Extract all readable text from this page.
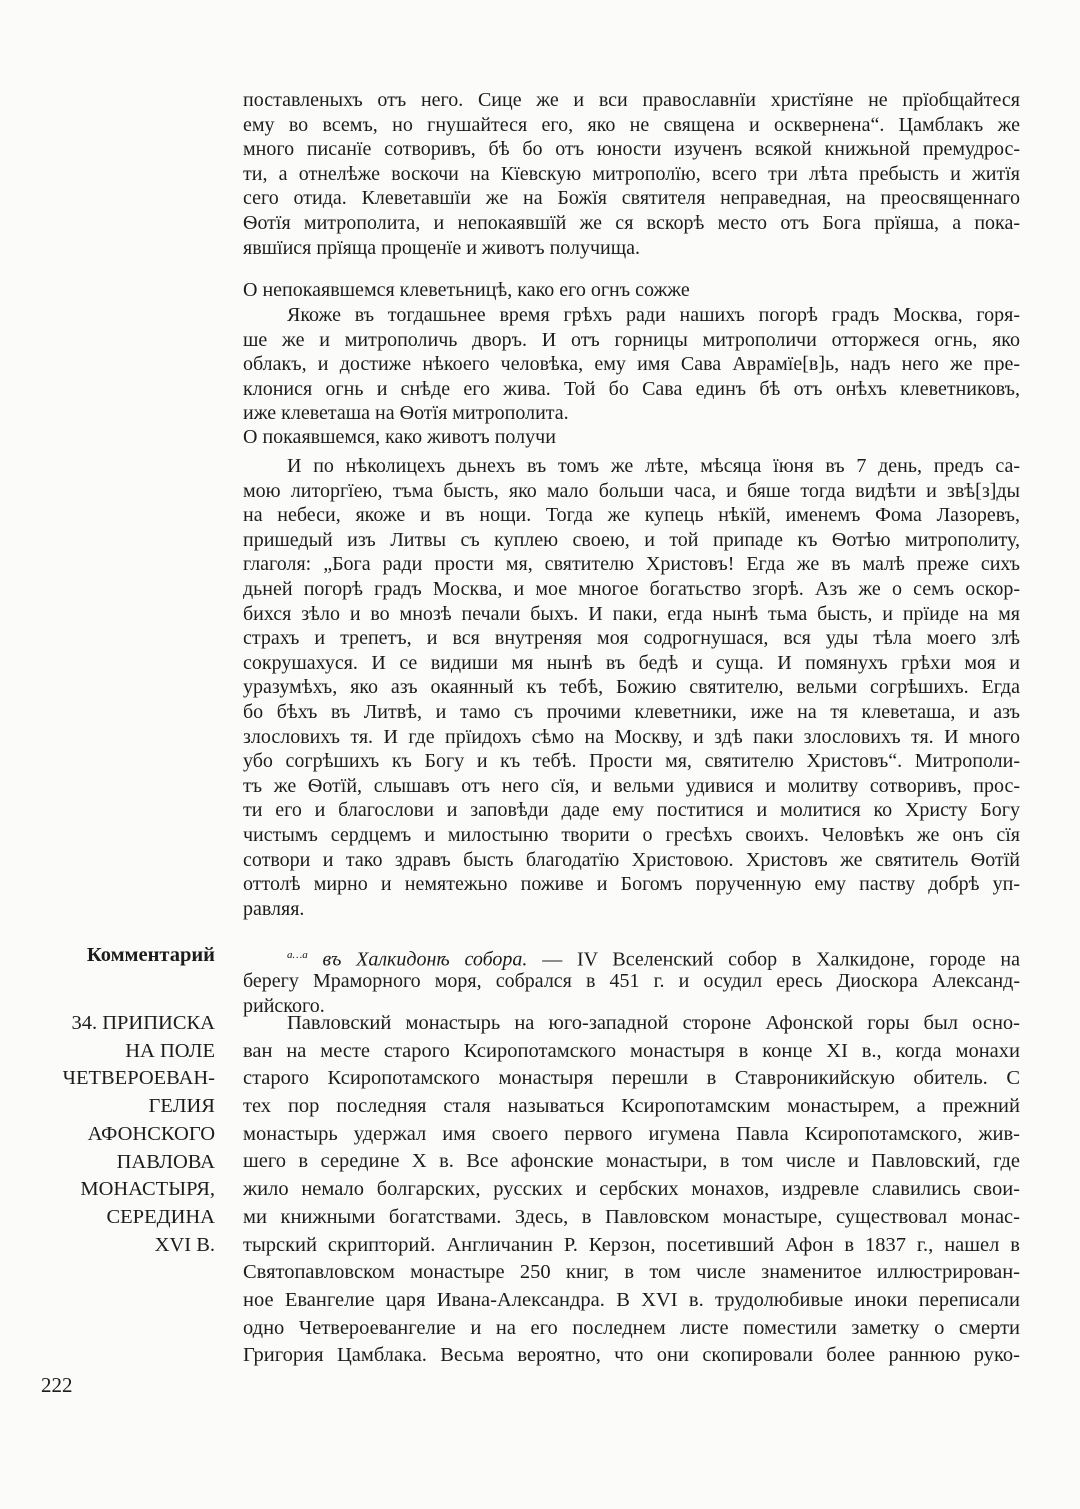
поставленыхъ отъ него. Сице же и вси православнїи христїяне не прїобщайтеся
ему во всемъ, но гнушайтеся его, яко не священа и осквернена“. Цамблакъ же
много писанїе сотворивъ, бѣ бо отъ юности изученъ всякой книжьной премудрос-
ти, а отнелѣже воскочи на Кїевскую митрополїю, всего три лѣта пребысть и житїя
сего отида. Клеветавшїи же на Божїя святителя неправедная, на преосвященнаго
Ѳотїя митрополита, и непокаявшїй же ся вскорѣ место отъ Бога прїяша, а пока-
явшїися прїяща прощенїе и животъ получища.
О непокаявшемся клеветьницѣ, како его огнъ сожже
Якоже въ тогдашьнее время грѣхъ ради нашихъ погорѣ градъ Москва, горя-
ше же и митрополичь дворъ. И отъ горницы митрополичи отторжеся огнь, яко
облакъ, и достиже нѣкоего человѣка, ему имя Сава Аврамїе[в]ь, надъ него же пре-
клонися огнь и снѣде его жива. Той бо Сава единъ бѣ отъ онѣхъ клеветниковъ,
иже клеветаша на Ѳотїя митрополита.
О покаявшемся, како животъ получи
И по нѣколицехъ дьнехъ въ томъ же лѣте, мѣсяца їюня въ 7 день, предъ са-
мою литоргїею, тъма бысть, яко мало больши часа, и бяше тогда видѣти и звѣ[з]ды
на небеси, якоже и въ нощи. Тогда же купець нѣкїй, именемъ Фома Лазоревъ,
пришедый изъ Литвы съ куплею своею, и той припаде къ Ѳотѣю митрополиту,
глаголя: „Бога ради прости мя, святителю Христовъ! Егда же въ малѣ преже сихъ
дьней погорѣ градъ Москва, и мое многое богатьство згорѣ. Азъ же о семъ оскор-
бихся зѣло и во мнозѣ печали быхъ. И паки, егда нынѣ тьма бысть, и прїиде на мя
страхъ и трепетъ, и вся внутреняя моя содрогнушася, вся уды тѣла моего злѣ
сокрушахуся. И се видиши мя нынѣ въ бедѣ и суща. И помянухъ грѣхи моя и
уразумѣхъ, яко азъ окаянный къ тебѣ, Божию святителю, вельми согрѣшихъ. Егда
бо бѣхъ въ Литвѣ, и тамо съ прочими клеветники, иже на тя клеветаша, и азъ
злословихъ тя. И где прїидохъ сѣмо на Москву, и здѣ паки злословихъ тя. И много
убо согрѣшихъ къ Богу и къ тебѣ. Прости мя, святителю Христовъ“. Митрополи-
тъ же Ѳотїй, слышавъ отъ него сїя, и вельми удивися и молитву сотворивъ, прос-
ти его и благослови и заповѣди даде ему поститися и молитися ко Христу Богу
чистымъ сердцемъ и милостыню творити о гресѣхъ своихъ. Человѣкъ же онъ сїя
сотвори и тако здравъ бысть благодатїю Христовою. Христовъ же святитель Ѳотїй
оттолѣ мирно и немятежьно поживе и Богомъ порученную ему паству добрѣ уп-
равляя.
Комментарий	$^{а\dots а}$ въ Халкидонѣ собора. — IV Вселенский собор в Халкидоне, городе на
берегу Мраморного моря, собрался в 451 г. и осудил ересь Диоскора Александ-
рийского.
34. ПРИПИСКА
НА ПОЛЕ
ЧЕТВЕРОЕВАН-
ГЕЛИЯ
АФОНСКОГО
ПАВЛОВА
МОНАСТЫРЯ,
СЕРЕДИНА
XVI В.
Павловский монастырь на юго-западной стороне Афонской горы был осно-
ван на месте старого Ксиропотамского монастыря в конце XI в., когда монахи
старого Ксиропотамского монастыря перешли в Ставроникийскую обитель. С
тех пор последняя сталя называться Ксиропотамским монастырем, а прежний
монастырь удержал имя своего первого игумена Павла Ксиропотамского, жив-
шего в середине X в. Все афонские монастыри, в том числе и Павловский, где
жило немало болгарских, русских и сербских монахов, издревле славились свои-
ми книжными богатствами. Здесь, в Павловском монастыре, существовал монас-
тырский скрипторий. Англичанин Р. Керзон, посетивший Афон в 1837 г., нашел в
Святопавловском монастыре 250 книг, в том числе знаменитое иллюстрирован-
ное Евангелие царя Ивана-Александра. В XVI в. трудолюбивые иноки переписали
одно Четвероевангелие и на его последнем листе поместили заметку о смерти
Григория Цамблака. Весьма вероятно, что они скопировали более раннюю руко-
222
